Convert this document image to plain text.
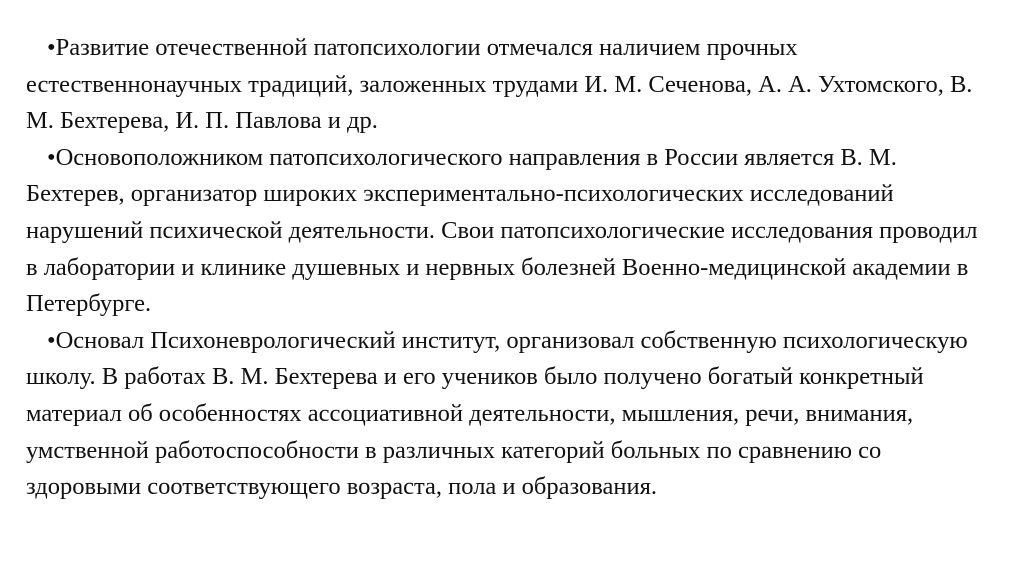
•Развитие отечественной патопсихологии отмечался наличием прочных естественнонаучных традиций, заложенных трудами И. М. Сеченова, А. А. Ухтомского, В. М. Бехтерева, И. П. Павлова и др.

•Основоположником патопсихологического направления в России является В. М. Бехтерев, организатор широких экспериментально-психологических исследований нарушений психической деятельности. Свои патопсихологические исследования проводил в лаборатории и клинике душевных и нервных болезней Военно-медицинской академии в Петербурге.

•Основал Психоневрологический институт, организовал собственную психологическую школу. В работах В. М. Бехтерева и его учеников было получено богатый конкретный материал об особенностях ассоциативной деятельности, мышления, речи, внимания, умственной работоспособности в различных категорий больных по сравнению со здоровыми соответствующего возраста, пола и образования.
